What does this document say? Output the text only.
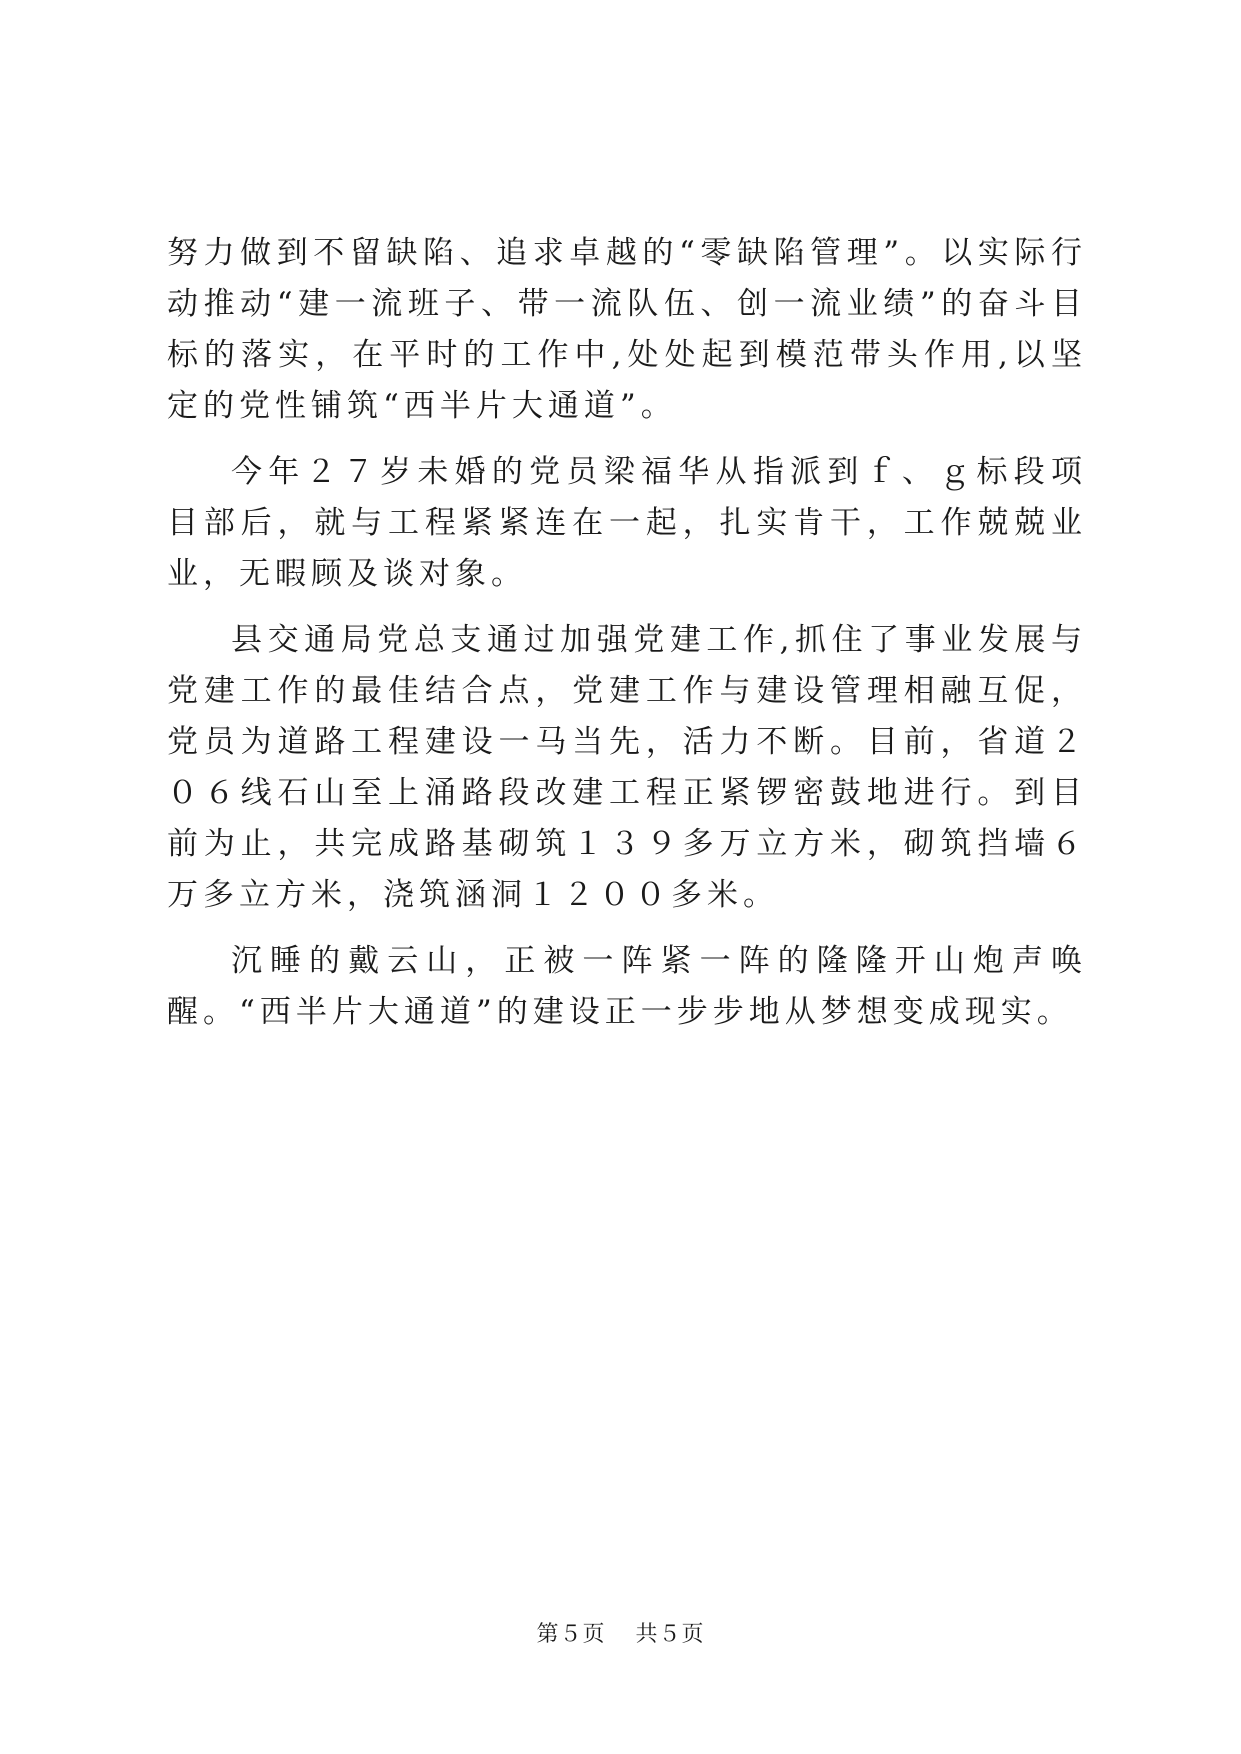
努力做到不留缺陷、追求卓越的“零缺陷管理”。以实际行动推动“建一流班子、带一流队伍、创一流业绩”的奋斗目标的落实，在平时的工作中,处处起到模范带头作用,以坚定的党性铺筑“西半片大通道”。

今年２７岁未婚的党员梁福华从指派到ｆ、ｇ标段项目部后，就与工程紧紧连在一起，扎实肯干，工作兢兢业业，无暇顾及谈对象。

县交通局党总支通过加强党建工作,抓住了事业发展与党建工作的最佳结合点，党建工作与建设管理相融互促，党员为道路工程建设一马当先，活力不断。目前，省道２０６线石山至上涌路段改建工程正紧锣密鼓地进行。到目前为止，共完成路基砌筑１３９多万立方米，砌筑挡墙６万多立方米，浇筑涵洞１２００多米。

沉睡的戴云山，正被一阵紧一阵的隆隆开山炮声唤醒。“西半片大通道”的建设正一步步地从梦想变成现实。

第５页 共５页
